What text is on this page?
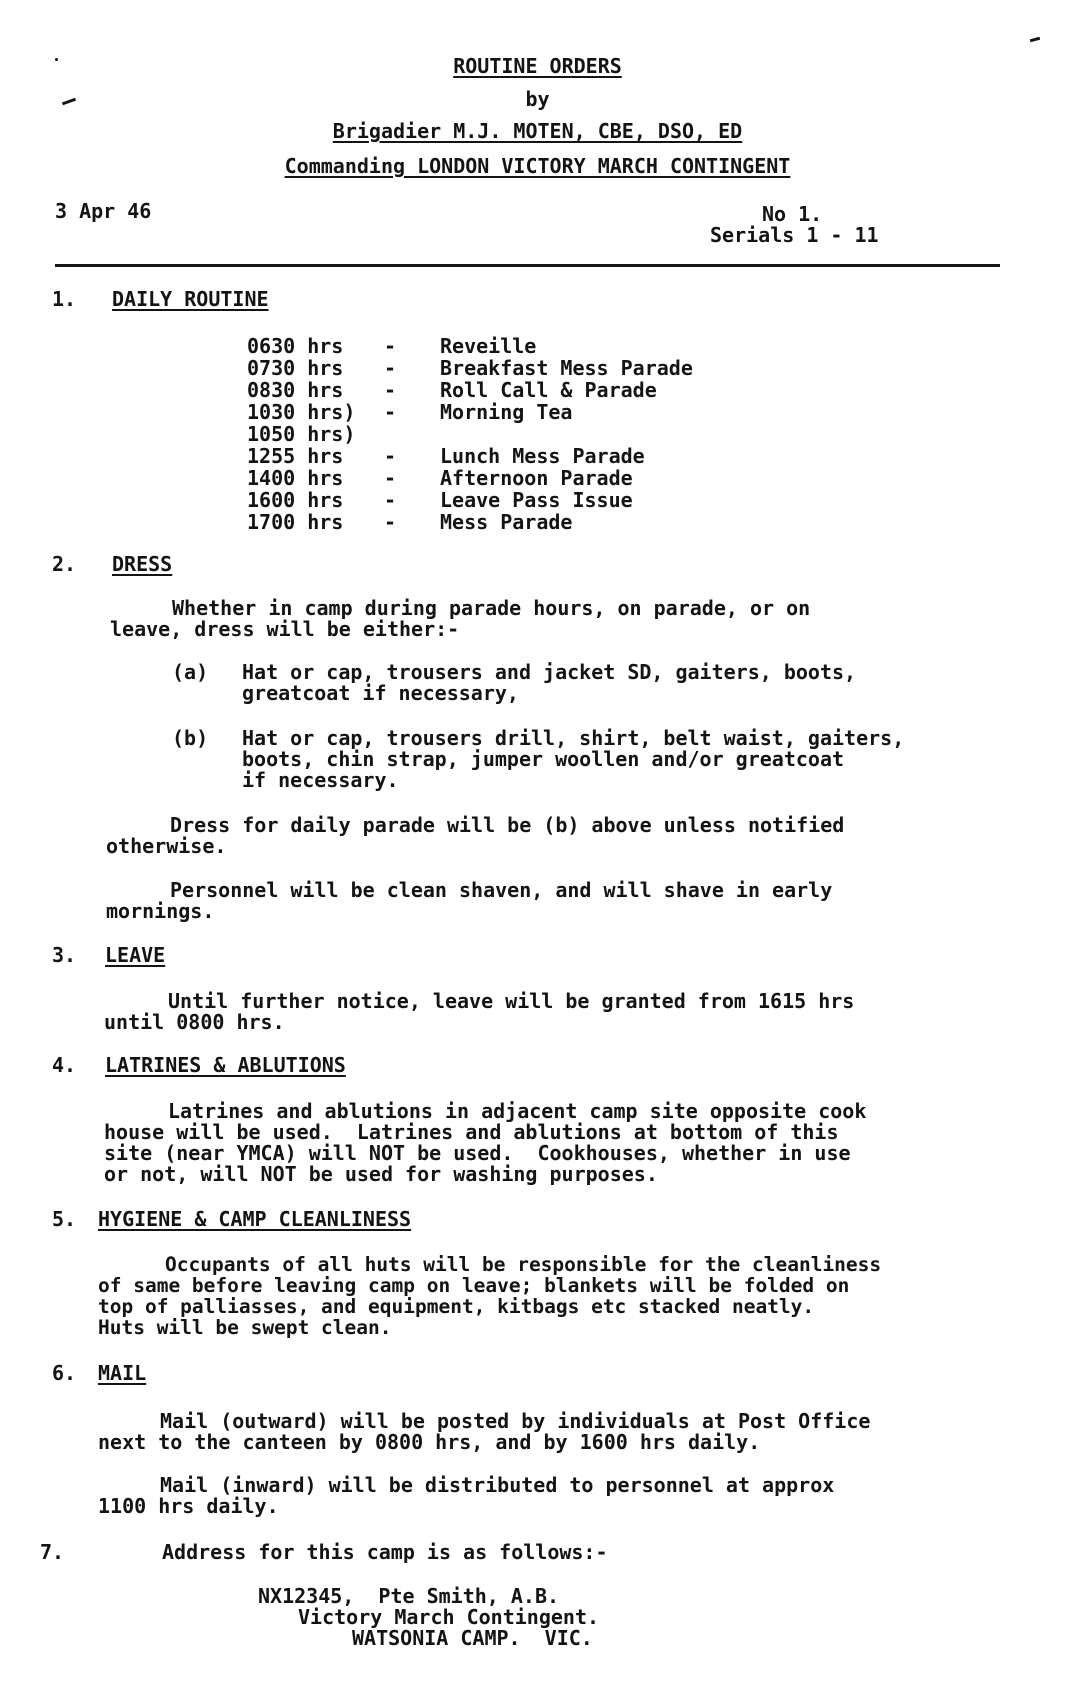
ROUTINE ORDERS
by
Brigadier M.J. MOTEN, CBE, DSO, ED
Commanding LONDON VICTORY MARCH CONTINGENT
3 Apr 46	No 1.
Serials 1 - 11
1. DAILY ROUTINE
0630 hrs	- Reveille
0730 hrs	- Breakfast Mess Parade
0830 hrs	- Roll Call & Parade
1030 hrs)	- Morning Tea
1050 hrs)
1255 hrs	- Lunch Mess Parade
1400 hrs	- Afternoon Parade
1600 hrs	- Leave Pass Issue
1700 hrs	- Mess Parade
2. DRESS
Whether in camp during parade hours, on parade, or on
leave, dress will be either:-
(a) Hat or cap, trousers and jacket SD, gaiters, boots,
greatcoat if necessary,
(b) Hat or cap, trousers drill, shirt, belt waist, gaiters,
boots, chin strap, jumper woollen and/or greatcoat
if necessary.
Dress for daily parade will be (b) above unless notified
otherwise.
Personnel will be clean shaven, and will shave in early
mornings.
3. LEAVE
Until further notice, leave will be granted from 1615 hrs
until 0800 hrs.
4. LATRINES & ABLUTIONS
Latrines and ablutions in adjacent camp site opposite cook
house will be used.  Latrines and ablutions at bottom of this
site (near YMCA) will NOT be used.  Cookhouses, whether in use
or not, will NOT be used for washing purposes.
5. HYGIENE & CAMP CLEANLINESS
Occupants of all huts will be responsible for the cleanliness
of same before leaving camp on leave; blankets will be folded on
top of palliasses, and equipment, kitbags etc stacked neatly.
Huts will be swept clean.
6. MAIL
Mail (outward) will be posted by individuals at Post Office
next to the canteen by 0800 hrs, and by 1600 hrs daily.
Mail (inward) will be distributed to personnel at approx
1100 hrs daily.
7.	Address for this camp is as follows:-
NX12345,  Pte Smith, A.B.
Victory March Contingent.
WATSONIA CAMP.  VIC.
